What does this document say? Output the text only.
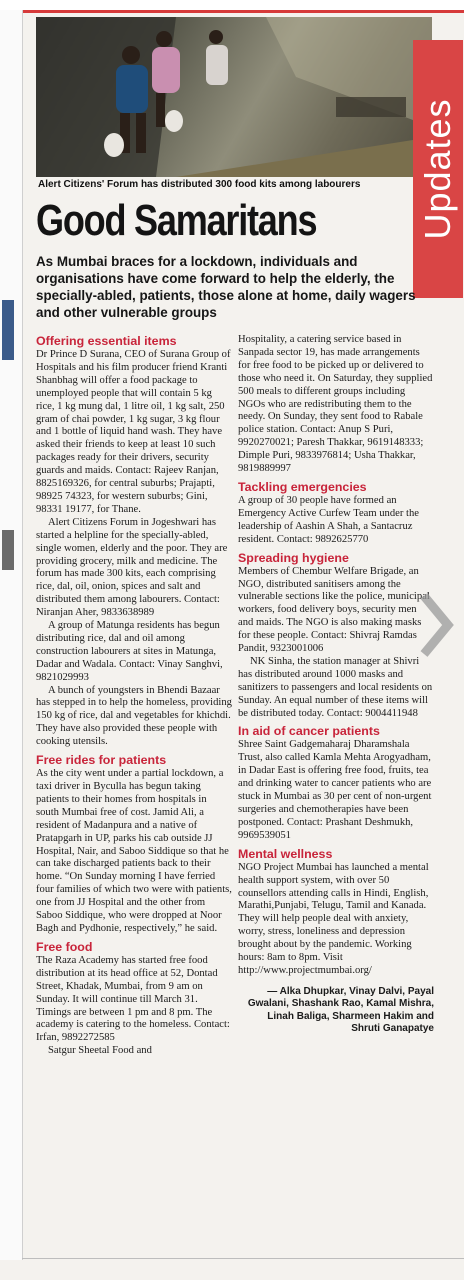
Alert Citizens' Forum has distributed 300 food kits among labourers	Updates
Good Samaritans
As Mumbai braces for a lockdown, individuals and organisations have come forward to help the elderly, the specially-abled, patients, those alone at home, daily wagers and other vulnerable groups
Offering essential items

Dr Prince D Surana, CEO of Surana Group of Hospitals and his film producer friend Kranti Shanbhag will offer a food package to unemployed people that will contain 5 kg rice, 1 kg mung dal, 1 litre oil, 1 kg salt, 250 gram of chai powder, 1 kg sugar, 3 kg flour and 1 bottle of liquid hand wash. They have asked their friends to keep at least 10 such packages ready for their drivers, security guards and maids. Contact: Rajeev Ranjan, 8825169326, for central suburbs; Prajapti, 98925 74323, for western suburbs; Gini, 98331 19177, for Thane.

Alert Citizens Forum in Jogeshwari has started a helpline for the specially-abled, single women, elderly and the poor. They are providing grocery, milk and medicine. The forum has made 300 kits, each comprising rice, dal, oil, onion, spices and salt and distributed them among labourers. Contact: Niranjan Aher, 9833638989

A group of Matunga residents has begun distributing rice, dal and oil among construction labourers at sites in Matunga, Dadar and Wadala. Contact: Vinay Sanghvi, 9821029993

A bunch of youngsters in Bhendi Bazaar has stepped in to help the homeless, providing 150 kg of rice, dal and vegetables for khichdi. They have also provided these people with cooking utensils.

Free rides for patients

As the city went under a partial lockdown, a taxi driver in Byculla has begun taking patients to their homes from hospitals in south Mumbai free of cost. Jamid Ali, a resident of Madanpura and a native of Pratapgarh in UP, parks his cab outside JJ Hospital, Nair, and Saboo Siddique so that he can take discharged patients back to their home. “On Sunday morning I have ferried four families of which two were with patients, one from JJ Hospital and the other from Saboo Siddique, who were dropped at Noor Bagh and Pydhonie, respectively,” he said.

Free food

The Raza Academy has started free food distribution at its head office at 52, Dontad Street, Khadak, Mumbai, from 9 am on Sunday. It will continue till March 31. Timings are between 1 pm and 8 pm. The academy is catering to the homeless. Contact: Irfan, 9892272585

Satgur Sheetal Food and

Hospitality, a catering service based in Sanpada sector 19, has made arrangements for free food to be picked up or delivered to those who need it. On Saturday, they supplied 500 meals to different groups including NGOs who are redistributing them to the needy. On Sunday, they sent food to Rabale police station. Contact: Anup S Puri, 9920270021; Paresh Thakkar, 9619148333; Dimple Puri, 9833976814; Usha Thakkar, 9819889997

Tackling emergencies

A group of 30 people have formed an Emergency Active Curfew Team under the leadership of Aashin A Shah, a Santacruz resident. Contact: 9892625770

Spreading hygiene

Members of Chembur Welfare Brigade, an NGO, distributed sanitisers among the vulnerable sections like the police, municipal workers, food delivery boys, security men and maids. The NGO is also making masks for these people. Contact: Shivraj Ramdas Pandit, 9323001006

NK Sinha, the station manager at Shivri has distributed around 1000 masks and sanitizers to passengers and local residents on Sunday. An equal number of these items will be distributed today. Contact: 9004411948

In aid of cancer patients

Shree Saint Gadgemaharaj Dharamshala Trust, also called Kamla Mehta Arogyadham, in Dadar East is offering free food, fruits, tea and drinking water to cancer patients who are stuck in Mumbai as 30 per cent of non-urgent surgeries and chemotherapies have been postponed. Contact: Prashant Deshmukh, 9969539051

Mental wellness

NGO Project Mumbai has launched a mental health support system, with over 50 counsellors attending calls in Hindi, English, Marathi,Punjabi, Telugu, Tamil and Kanada. They will help people deal with anxiety, worry, stress, loneliness and depression brought about by the pandemic. Working hours: 8am to 8pm. Visit http://www.projectmumbai.org/

— Alka Dhupkar, Vinay Dalvi, Payal Gwalani, Shashank Rao, Kamal Mishra, Linah Baliga, Sharmeen Hakim and Shruti Ganapatye
